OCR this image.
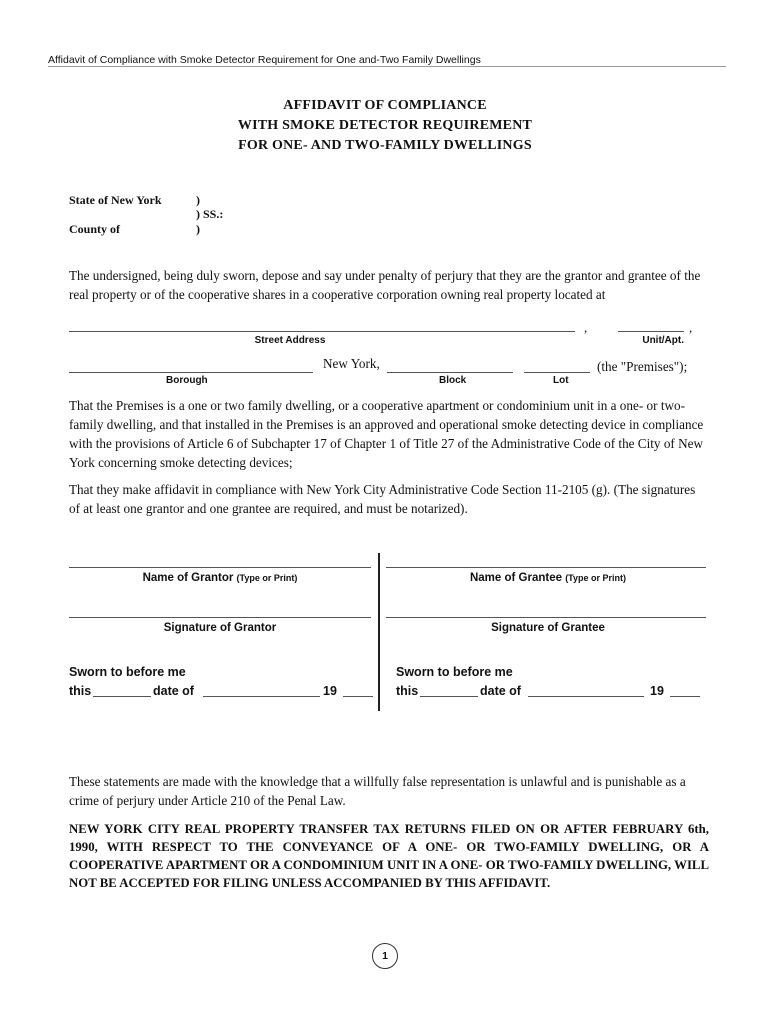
Affidavit of Compliance with Smoke Detector Requirement for One and-Two Family Dwellings
AFFIDAVIT OF COMPLIANCE
WITH SMOKE DETECTOR REQUIREMENT
FOR ONE- AND TWO-FAMILY DWELLINGS
State of New York	)
) SS.:
County of	)
The undersigned, being duly sworn, depose and say under penalty of perjury that they are the grantor and grantee of the real property or of the cooperative shares in a cooperative corporation owning real property located at
,	,
Street Address	Unit/Apt.
New York,	(the "Premises");
Borough	Block	Lot
That the Premises is a one or two family dwelling, or a cooperative apartment or condominium unit in a one- or two-family dwelling, and that installed in the Premises is an approved and operational smoke detecting device in compliance with the provisions of Article 6 of Subchapter 17 of Chapter 1 of Title 27 of the Administrative Code of the City of New York concerning smoke detecting devices;
That they make affidavit in compliance with New York City Administrative Code Section 11-2105 (g). (The signatures of at least one grantor and one grantee are required, and must be notarized).
Name of Grantor (Type or Print)	Name of Grantee (Type or Print)
Signature of Grantor	Signature of Grantee
Sworn to before me
this	date of	19
Sworn to before me
this	date of	19
These statements are made with the knowledge that a willfully false representation is unlawful and is punishable as a crime of perjury under Article 210 of the Penal Law.
NEW YORK CITY REAL PROPERTY TRANSFER TAX RETURNS FILED ON OR AFTER FEBRUARY 6th, 1990, WITH RESPECT TO THE CONVEYANCE OF A ONE- OR TWO-FAMILY DWELLING, OR A COOPERATIVE APARTMENT OR A CONDOMINIUM UNIT IN A ONE- OR TWO-FAMILY DWELLING, WILL NOT BE ACCEPTED FOR FILING UNLESS ACCOMPANIED BY THIS AFFIDAVIT.
1
